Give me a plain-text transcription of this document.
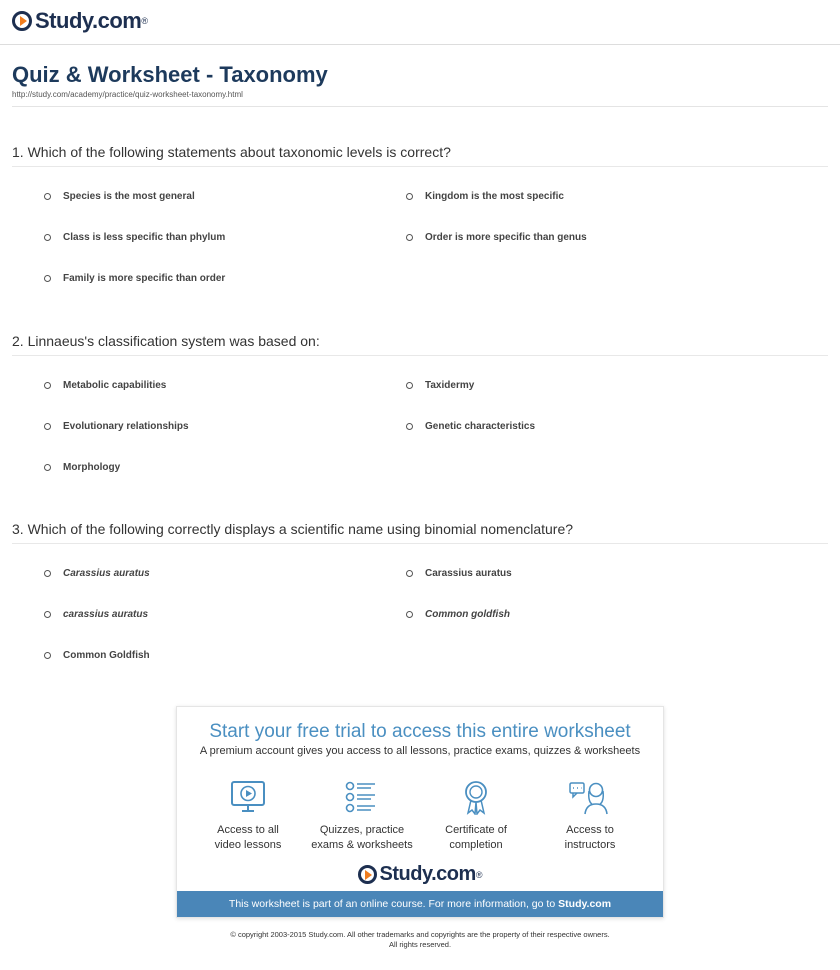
Study.com ®
Quiz & Worksheet - Taxonomy
http://study.com/academy/practice/quiz-worksheet-taxonomy.html
1. Which of the following statements about taxonomic levels is correct?
Species is the most general	Kingdom is the most specific
Class is less specific than phylum	Order is more specific than genus
Family is more specific than order
2. Linnaeus's classification system was based on:
Metabolic capabilities	Taxidermy
Evolutionary relationships	Genetic characteristics
Morphology
3. Which of the following correctly displays a scientific name using binomial nomenclature?
Carassius auratus	Carassius auratus
carassius auratus	Common goldfish
Common Goldfish
Start your free trial to access this entire worksheet
A premium account gives you access to all lessons, practice exams, quizzes & worksheets
Access to all
video lessons
Quizzes, practice
exams & worksheets
Certificate of
completion
Access to
instructors
Study.com ®
This worksheet is part of an online course. For more information, go to Study.com
© copyright 2003-2015 Study.com. All other trademarks and copyrights are the property of their respective owners.
All rights reserved.
